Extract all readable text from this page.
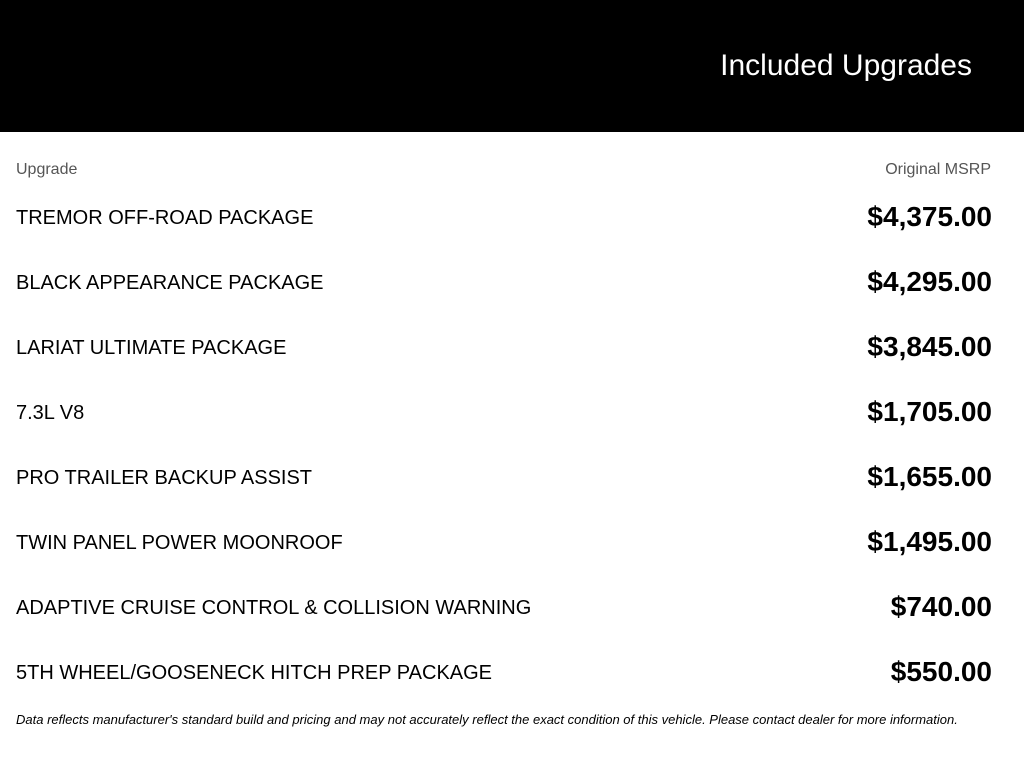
Included Upgrades
Upgrade	Original MSRP
TREMOR OFF-ROAD PACKAGE	$4,375.00
BLACK APPEARANCE PACKAGE	$4,295.00
LARIAT ULTIMATE PACKAGE	$3,845.00
7.3L V8	$1,705.00
PRO TRAILER BACKUP ASSIST	$1,655.00
TWIN PANEL POWER MOONROOF	$1,495.00
ADAPTIVE CRUISE CONTROL & COLLISION WARNING	$740.00
5TH WHEEL/GOOSENECK HITCH PREP PACKAGE	$550.00
Data reflects manufacturer's standard build and pricing and may not accurately reflect the exact condition of this vehicle. Please contact dealer for more information.
